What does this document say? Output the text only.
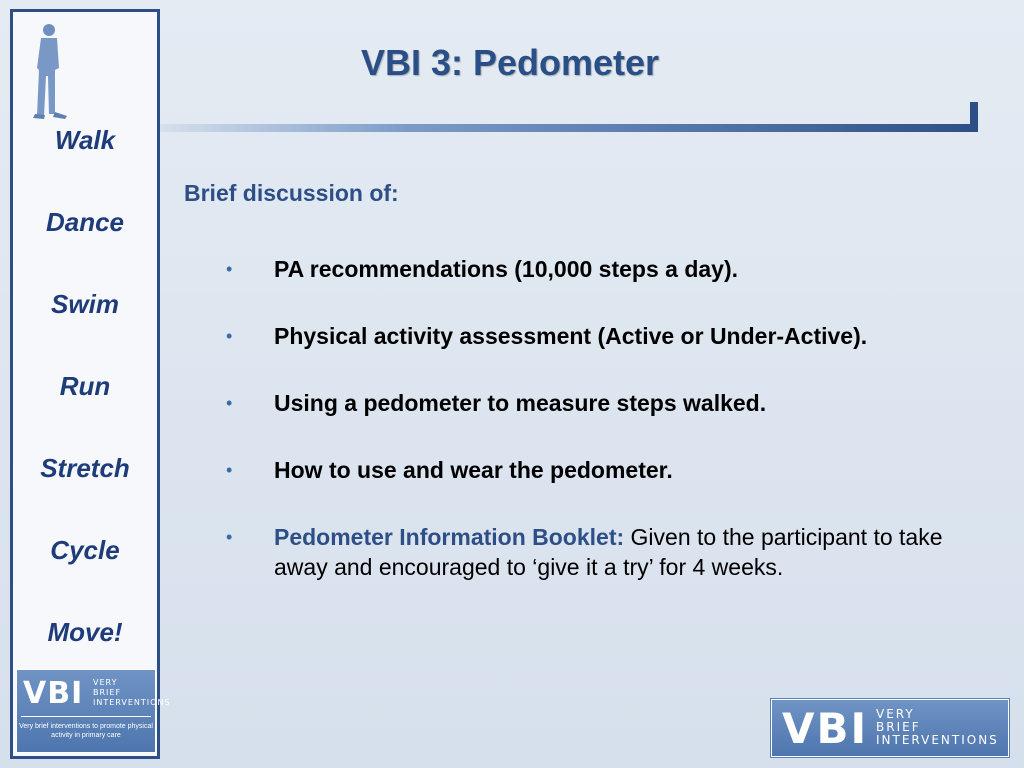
Walk
Dance
Swim
Run
Stretch
Cycle
Move!
VBI VERY
BRIEF
INTERVENTIONS
Very brief interventions to promote physical activity in primary care
VBI 3: Pedometer
Brief discussion of:
• PA recommendations (10,000 steps a day).
• Physical activity assessment (Active or Under-Active).
• Using a pedometer to measure steps walked.
• How to use and wear the pedometer.
• Pedometer Information Booklet: Given to the participant to take away and encouraged to ‘give it a try’ for 4 weeks.
VBI VERY
BRIEF
INTERVENTIONS
